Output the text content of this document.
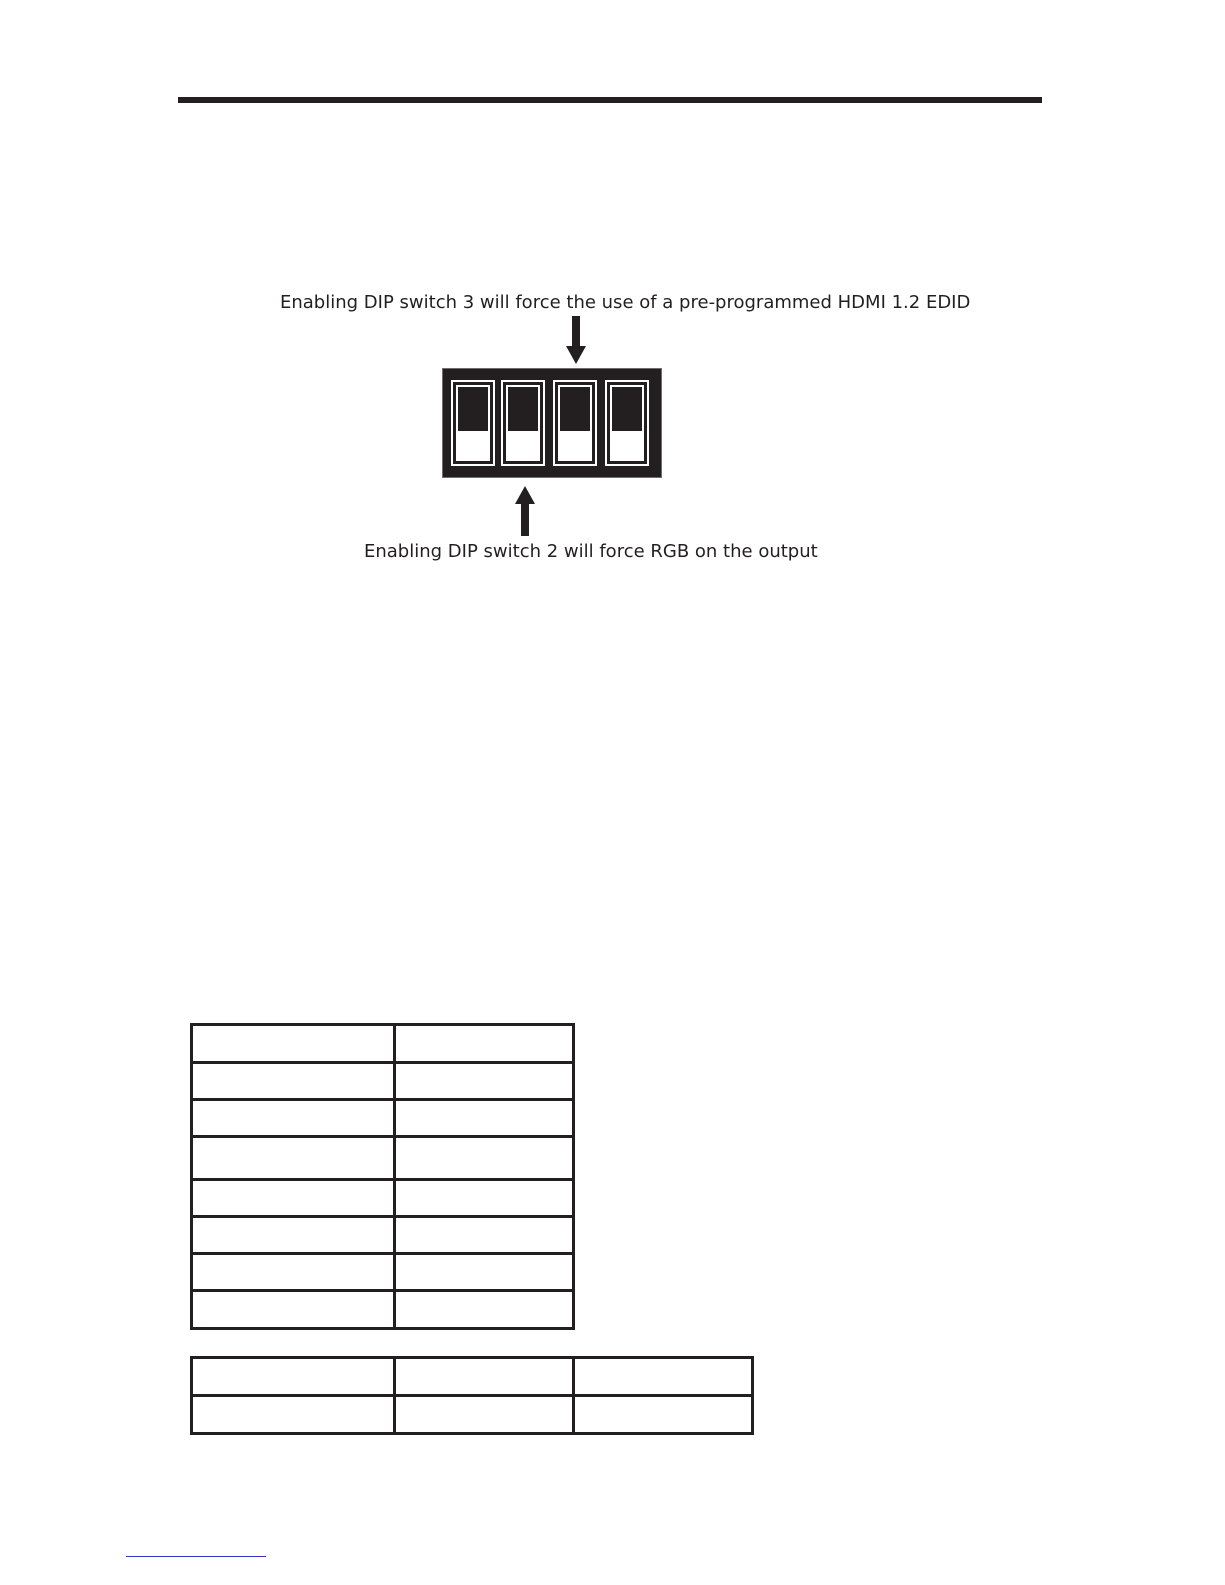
Enabling DIP switch 3 will force the use of a pre-programmed HDMI 1.2 EDID
Enabling DIP switch 2 will force RGB on the output
